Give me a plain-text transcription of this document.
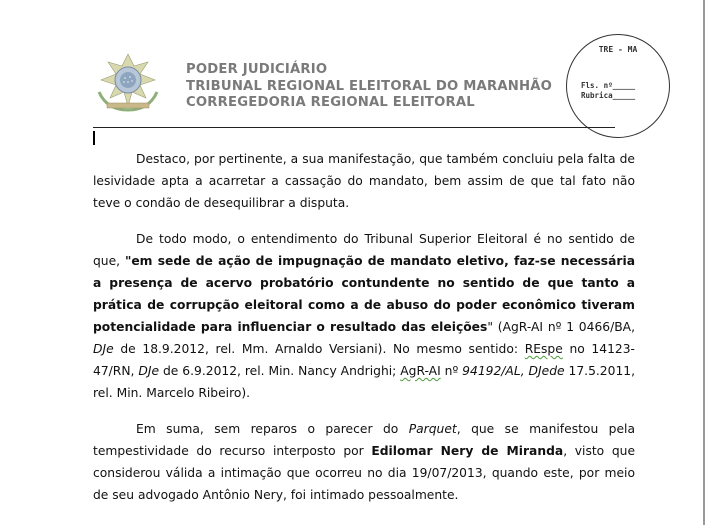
PODER JUDICIÁRIO
TRIBUNAL REGIONAL ELEITORAL DO MARANHÃO
CORREGEDORIA REGIONAL ELEITORAL
TRE - MA
Fls. nº_____
Rubrica_____

Destaco, por pertinente, a sua manifestação, que também concluiu pela falta de lesividade apta a acarretar a cassação do mandato, bem assim de que tal fato não teve o condão de desequilibrar a disputa.

De todo modo, o entendimento do Tribunal Superior Eleitoral é no sentido de que, "em sede de ação de impugnação de mandato eletivo, faz-se necessária a presença de acervo probatório contundente no sentido de que tanto a prática de corrupção eleitoral como a de abuso do poder econômico tiveram potencialidade para influenciar o resultado das eleições" (AgR-AI nº 1 0466/BA, DJe de 18.9.2012, rel. Mm. Arnaldo Versiani). No mesmo sentido: REspe no 14123-47/RN, DJe de 6.9.2012, rel. Min. Nancy Andrighi; AgR-AI nº 94192/AL, DJede 17.5.2011, rel. Min. Marcelo Ribeiro).

Em suma, sem reparos o parecer do Parquet, que se manifestou pela tempestividade do recurso interposto por Edilomar Nery de Miranda, visto que considerou válida a intimação que ocorreu no dia 19/07/2013, quando este, por meio de seu advogado Antônio Nery, foi intimado pessoalmente.
